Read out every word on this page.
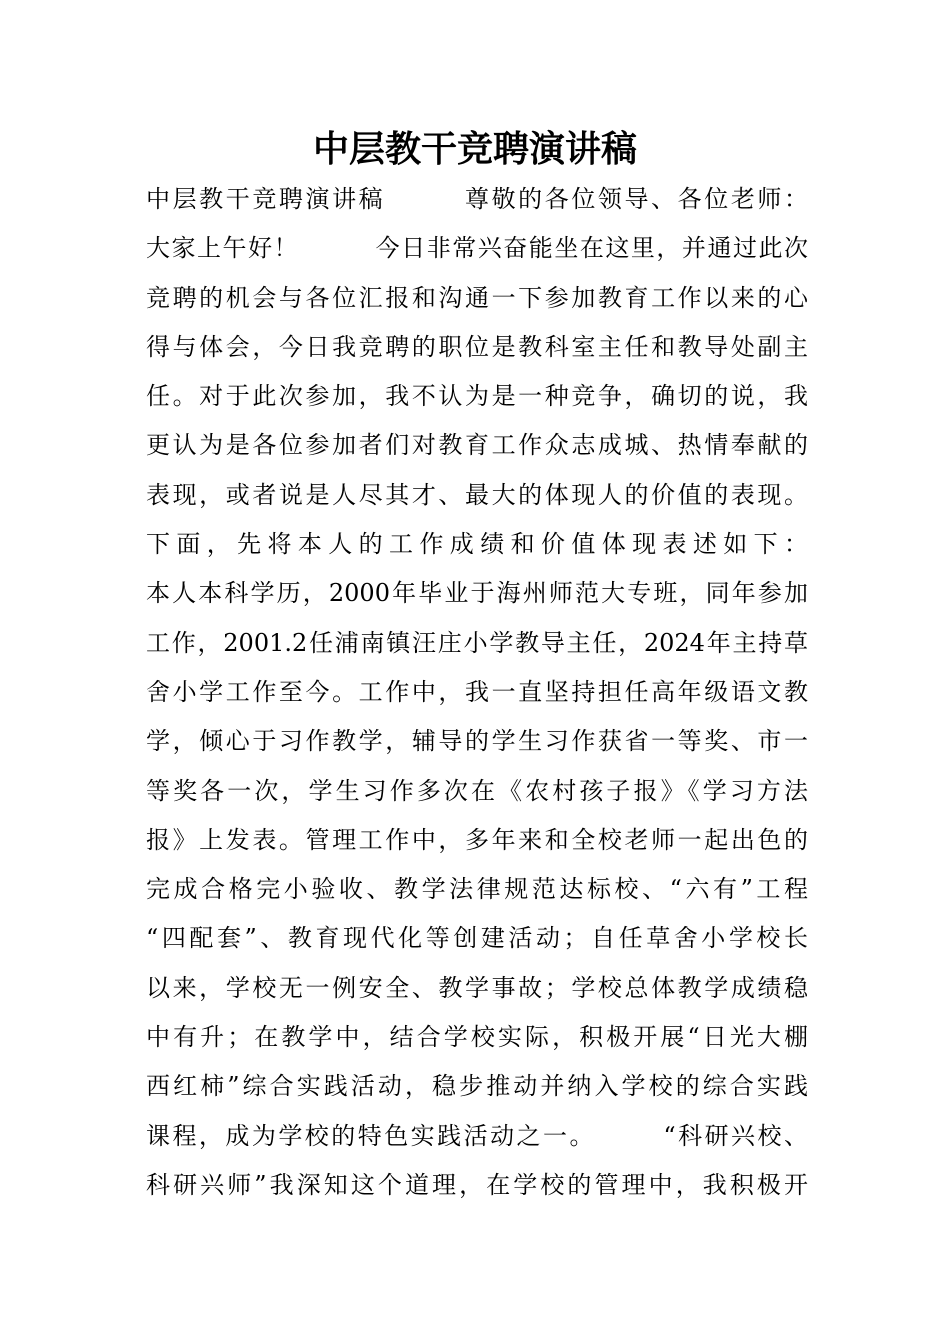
中层教干竞聘演讲稿
中层教干竞聘演讲稿　　　尊敬的各位领导、各位老师：
大家上午好！　　　今日非常兴奋能坐在这里，并通过此次
竞聘的机会与各位汇报和沟通一下参加教育工作以来的心
得与体会，今日我竞聘的职位是教科室主任和教导处副主
任。对于此次参加，我不认为是一种竞争，确切的说，我
更认为是各位参加者们对教育工作众志成城、热情奉献的
表现，或者说是人尽其才、最大的体现人的价值的表现。
下面，先将本人的工作成绩和价值体现表述如下：
本人本科学历，2000年毕业于海州师范大专班，同年参加
工作，2001.2任浦南镇汪庄小学教导主任，2024年主持草
舍小学工作至今。工作中，我一直坚持担任高年级语文教
学，倾心于习作教学，辅导的学生习作获省一等奖、市一
等奖各一次，学生习作多次在《农村孩子报》《学习方法
报》上发表。管理工作中，多年来和全校老师一起出色的
完成合格完小验收、教学法律规范达标校、“六有”工程
“四配套”、教育现代化等创建活动；自任草舍小学校长
以来，学校无一例安全、教学事故；学校总体教学成绩稳
中有升；在教学中，结合学校实际，积极开展“日光大棚
西红柿”综合实践活动，稳步推动并纳入学校的综合实践
课程，成为学校的特色实践活动之一。　　　“科研兴校、
科研兴师”我深知这个道理，在学校的管理中，我积极开
